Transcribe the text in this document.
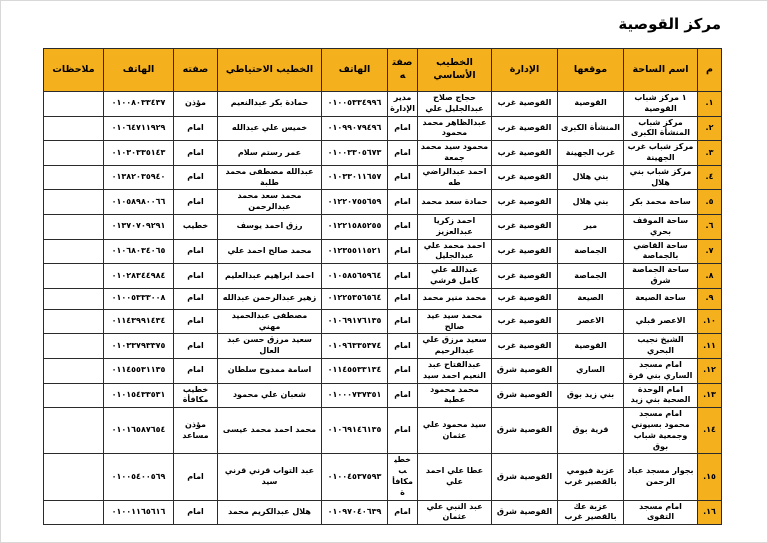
مركز القوصية
م	اسم الساحة	موقعها	الإدارة	الخطيب الأساسي	صفته	الهاتف	الخطيب الاحتياطي	صفته	الهاتف	ملاحظات
١.	١ مركز شباب القوصية	القوصية	القوصية غرب	حجاج صلاح عبدالجليل علي	مدير الإدارة	٠١٠٠٥٣٣٤٩٩٦	حمادة بكر عبدالنعيم	مؤذن	٠١٠٠٨٠٣٣٤٣٧	
٢.	مركز شباب المنشأة الكبرى	المنشأة الكبرى	القوصية غرب	عبدالظاهر محمد محمود	امام	٠١٠٩٩٠٧٩٤٩٦	خميس علي عبدالله	امام	٠١٠٦٤٧١١٩٢٩	
٣.	مركز شباب غرب الجهينة	غرب الجهينة	القوصية غرب	محمود سيد محمد جمعة	امام	٠١٠٠٣٣٠٥٦٧٣	عمر رستم سلام	امام	٠١٠٣٠٣٣٥١٤٣	
٤.	مركز شباب بني هلال	بني هلال	القوصية غرب	احمد عبدالراضي طه	امام	٠١٠٣٣٠١١٦٥٧	عبدالله مصطفى محمد طلبة	امام	٠١٣٨٢٠٣٥٩٤٠	
٥.	ساحة محمد بكر	بني هلال	القوصية غرب	حمادة سعد محمد	امام	٠١٢٢٠٧٥٥٦٥٩	محمد سعد محمد عبدالرحمن	امام	٠١٠٥٨٩٨٠٠٦٦	
٦.	ساحة الموقف بحري	مير	القوصية غرب	احمد زكريا عبدالعزيز	امام	٠١٢٢١٥٨٥٢٥٥	رزق احمد يوسف	خطيب	٠١٣٧٠٧٠٩٢٩١	
٧.	ساحة القاضي بالجماصة	الجماصة	القوصية غرب	احمد محمد علي عبدالجليل	امام	٠١٢٣٥٥١١٥٢١	محمد صالح احمد علي	امام	٠١٠٦٨٠٣٤٠٦٥	
٨.	ساحة الجماصة شرق	الجماصة	القوصية غرب	عبدالله علي كامل قرشي	امام	٠١٠٥٨٥٦٥٩٦٤	احمد ابراهيم عبدالعليم	امام	٠١٠٢٨٣٤٤٩٨٤	
٩.	ساحة الصيعة	الصيعة	القوصية غرب	محمد منير محمد	امام	٠١٢٢٥٣٥٦٥٦٤	زهير عبدالرحمن عبدالله	امام	٠١٠٠٥٣٣٣٠٠٨	
١٠.	الاعصر قبلي	الاعصر	القوصية غرب	محمد سيد عيد صالح	امام	٠١٠٦٩١٧٦١٣٥	مصطفى عبدالحميد مهني	امام	٠١١٤٣٩٩١٤٣٤	
١١.	الشيخ نجيب البحري	القوصية	القوصية غرب	سعيد مرزق علي عبدالرحيم	امام	٠١٠٩٦٣٣٥٣٧٤	سعيد مرزق حسن عبد العال	امام	٠١٠٣٣٧٩٣٣٧٥	
١٢.	امام مسجد الساري بني قرة	الساري	القوصية شرق	عبدالفتاح عبد النعيم احمد سيد	امام	٠١١٤٥٥٣٣١٣٤	اسامة ممدوح سلطان	امام	٠١١٤٥٥٣١١٣٥	
١٣.	امام الوحدة الصحية بني زيد	بني زيد بوق	القوصية شرق	محمد محمود عطية	امام	٠١٠٠٠٧٣٧٣٥١	شعبان علي محمود	خطيب مكافأة	٠١٠١٥٤٣٣٥٣١	
١٤.	امام مسجد محمود بسيوني وجمعية شباب بوق	قرية بوق	القوصية شرق	سيد محمود علي عثمان	امام	٠١٠٦٩١٤٦١٣٥	محمد احمد محمد عيسى	مؤذن مساعد	٠١٠١٦٥٨٧٦٥٤	
١٥.	بجوار مسجد عباد الرحمن	عزبة فيومي بالقصير غرب	القوصية شرق	عطا علي احمد علي	خطيب مكافأة	٠١٠٠٤٥٣٧٥٩٣	عبد التواب قرني قرني سيد	امام	٠١٠٠٥٤٠٠٥٦٩	
١٦.	امام مسجد التقوى	عزبة عك بالقصير غرب	القوصية شرق	عبد النبي علي عثمان	امام	٠١٠٩٧٠٤٠٦٣٩	هلال عبدالكريم محمد	امام	٠١٠٠١١٦٥٦١٦	
